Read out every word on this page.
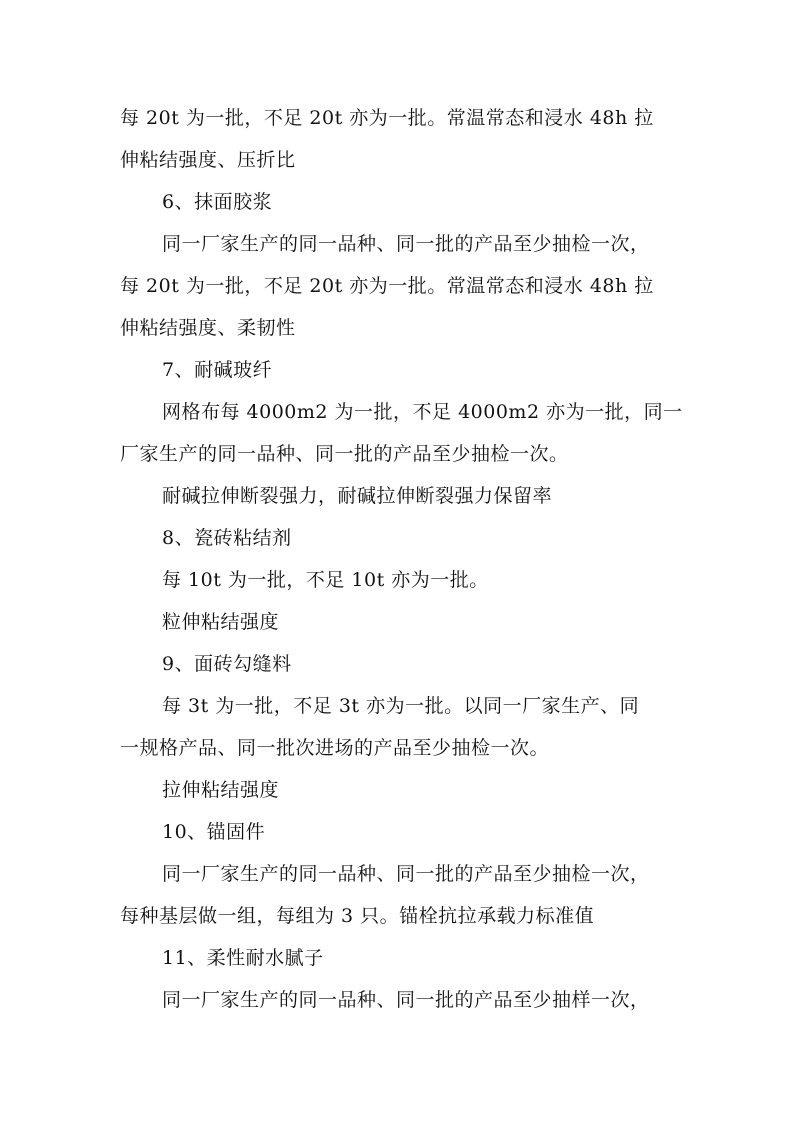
每 20t 为一批，不足 20t 亦为一批。常温常态和浸水 48h 拉
伸粘结强度、压折比
6、抹面胶浆
同一厂家生产的同一品种、同一批的产品至少抽检一次，
每 20t 为一批，不足 20t 亦为一批。常温常态和浸水 48h 拉
伸粘结强度、柔韧性
7、耐碱玻纤
网格布每 4000m2 为一批，不足 4000m2 亦为一批，同一
厂家生产的同一品种、同一批的产品至少抽检一次。
耐碱拉伸断裂强力，耐碱拉伸断裂强力保留率
8、瓷砖粘结剂
每 10t 为一批，不足 10t 亦为一批。
粒伸粘结强度
9、面砖勾缝料
每 3t 为一批，不足 3t 亦为一批。以同一厂家生产、同
一规格产品、同一批次进场的产品至少抽检一次。
拉伸粘结强度
10、锚固件
同一厂家生产的同一品种、同一批的产品至少抽检一次，
每种基层做一组，每组为 3 只。锚栓抗拉承载力标准值
11、柔性耐水腻子
同一厂家生产的同一品种、同一批的产品至少抽样一次，
